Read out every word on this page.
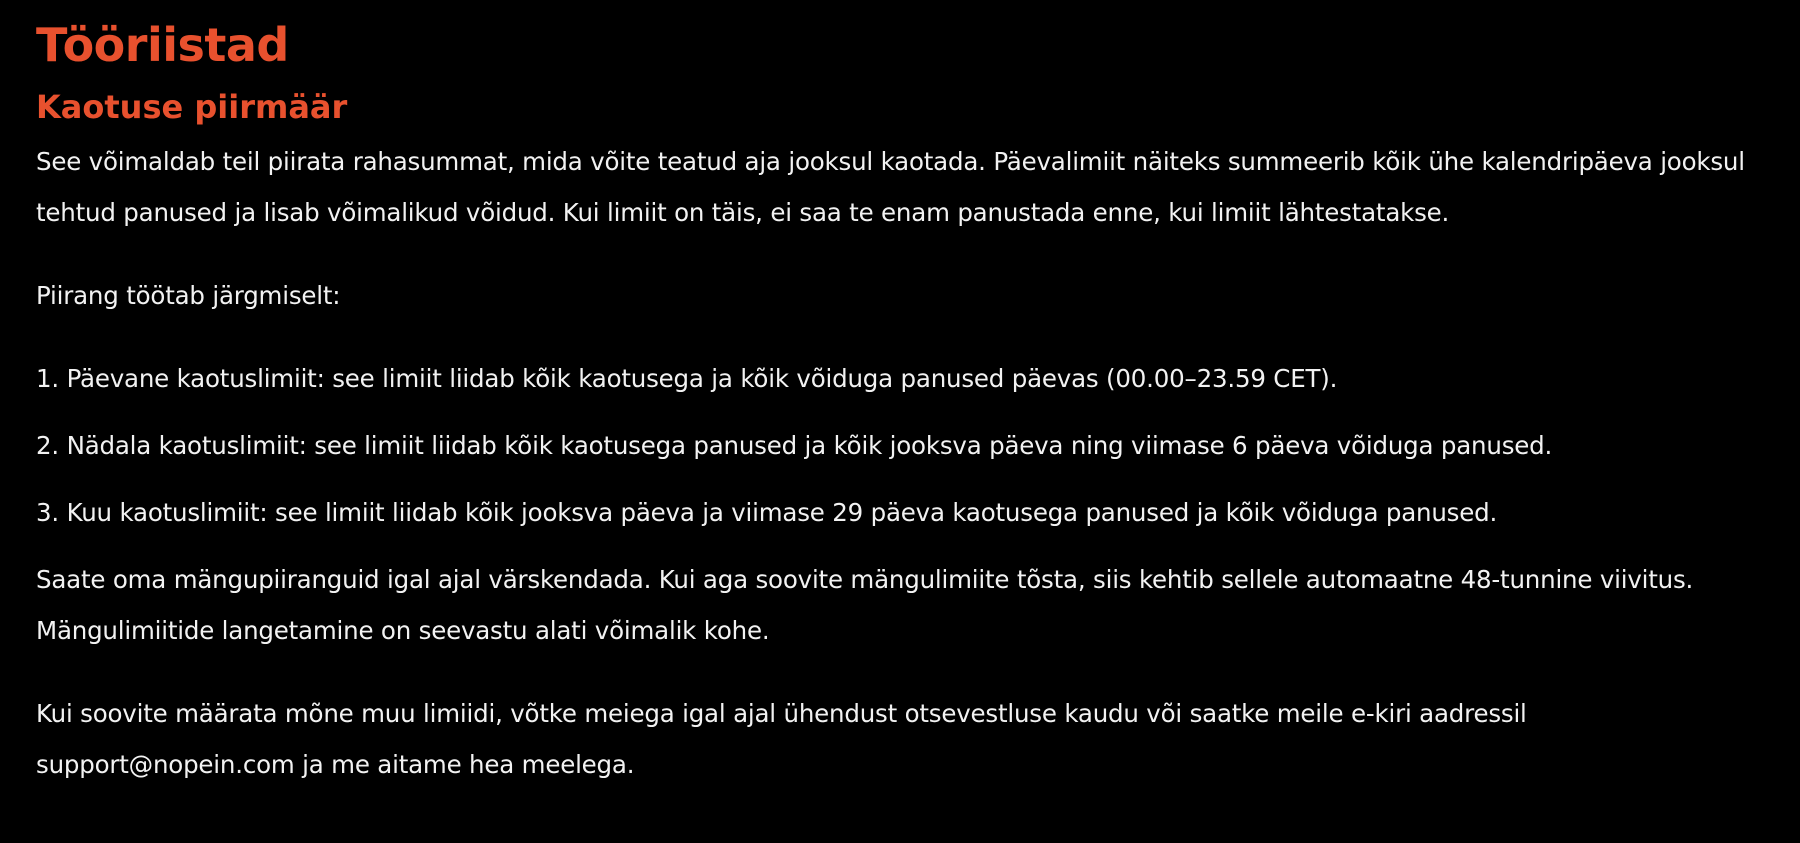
Tööriistad
Kaotuse piirmäär

See võimaldab teil piirata rahasummat, mida võite teatud aja jooksul kaotada. Päevalimiit näiteks summeerib kõik ühe kalendripäeva jooksul tehtud panused ja lisab võimalikud võidud. Kui limiit on täis, ei saa te enam panustada enne, kui limiit lähtestatakse.

Piirang töötab järgmiselt:

1. Päevane kaotuslimiit: see limiit liidab kõik kaotusega ja kõik võiduga panused päevas (00.00–23.59 CET).
2. Nädala kaotuslimiit: see limiit liidab kõik kaotusega panused ja kõik jooksva päeva ning viimase 6 päeva võiduga panused.
3. Kuu kaotuslimiit: see limiit liidab kõik jooksva päeva ja viimase 29 päeva kaotusega panused ja kõik võiduga panused.

Saate oma mängupiiranguid igal ajal värskendada. Kui aga soovite mängulimiite tõsta, siis kehtib sellele automaatne 48-tunnine viivitus. Mängulimiitide langetamine on seevastu alati võimalik kohe.

Kui soovite määrata mõne muu limiidi, võtke meiega igal ajal ühendust otsevestluse kaudu või saatke meile e-kiri aadressil support@nopein.com ja me aitame hea meelega.
